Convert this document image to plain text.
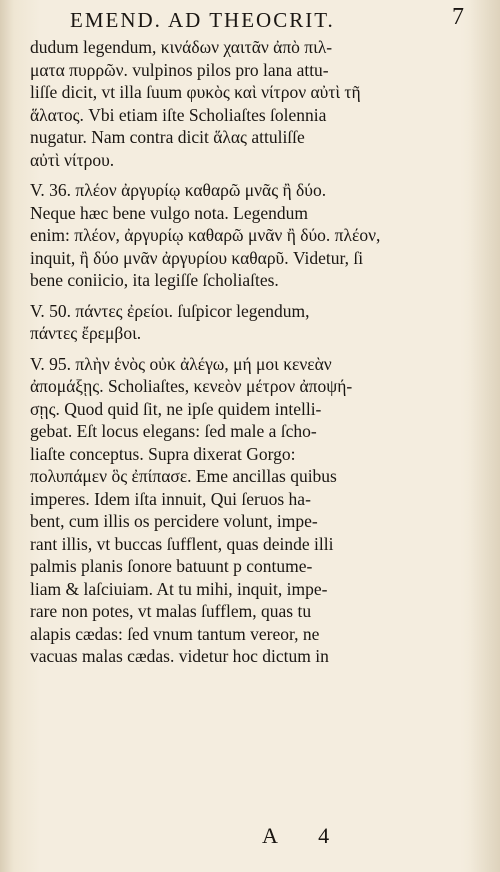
EMEND. AD THEOCRIT.	7
dudum legendum, κινάδων χαιτᾶν ἀπὸ πιλ-
ματα πυρρῶν. vulpinos pilos pro lana attu-
liſſe dicit, vt illa ſuum φυκὸς καὶ νίτρον αὐτὶ τῆ
ἅλατος. Vbi etiam iſte Scholiaſtes ſolennia
nugatur. Nam contra dicit ἅλας attuliſſe
αὐτὶ νίτρου.
V. 36. πλέον ἀργυρίῳ καθαρῶ μνᾶς ἢ δύο.
Neque hæc bene vulgo nota. Legendum
enim: πλέον, ἀργυρίῳ καθαρῶ μνᾶν ἢ δύο. πλέον,
inquit, ἢ δύο μνᾶν ἀργυρίου καθαρῦ. Videtur, ſi
bene coniicio, ita legiſſe ſcholiaſtes.
V. 50. πάντες ἐρείοι. ſuſpicor legendum,
πάντες ἔρεμβοι.
V. 95. πλὴν ἑνὸς οὐκ ἀλέγω, μή μοι κενεὰν
ἀπομάξῃς. Scholiaſtes, κενεὸν μέτρον ἀποψή-
σῃς. Quod quid ſit, ne ipſe quidem intelli-
gebat. Eſt locus elegans: ſed male a ſcho-
liaſte conceptus. Supra dixerat Gorgo:
πολυπάμεν ὃς ἐπίπασε. Eme ancillas quibus
imperes. Idem iſta innuit, Qui ſeruos ha-
bent, cum illis os percidere volunt, impe-
rant illis, vt buccas ſufflent, quas deinde illi
palmis planis ſonore batuunt p contume-
liam & laſciuiam. At tu mihi, inquit, impe-
rare non potes, vt malas ſufflem, quas tu
alapis cædas: ſed vnum tantum vereor, ne
vacuas malas cædas. videtur hoc dictum in
A 4
